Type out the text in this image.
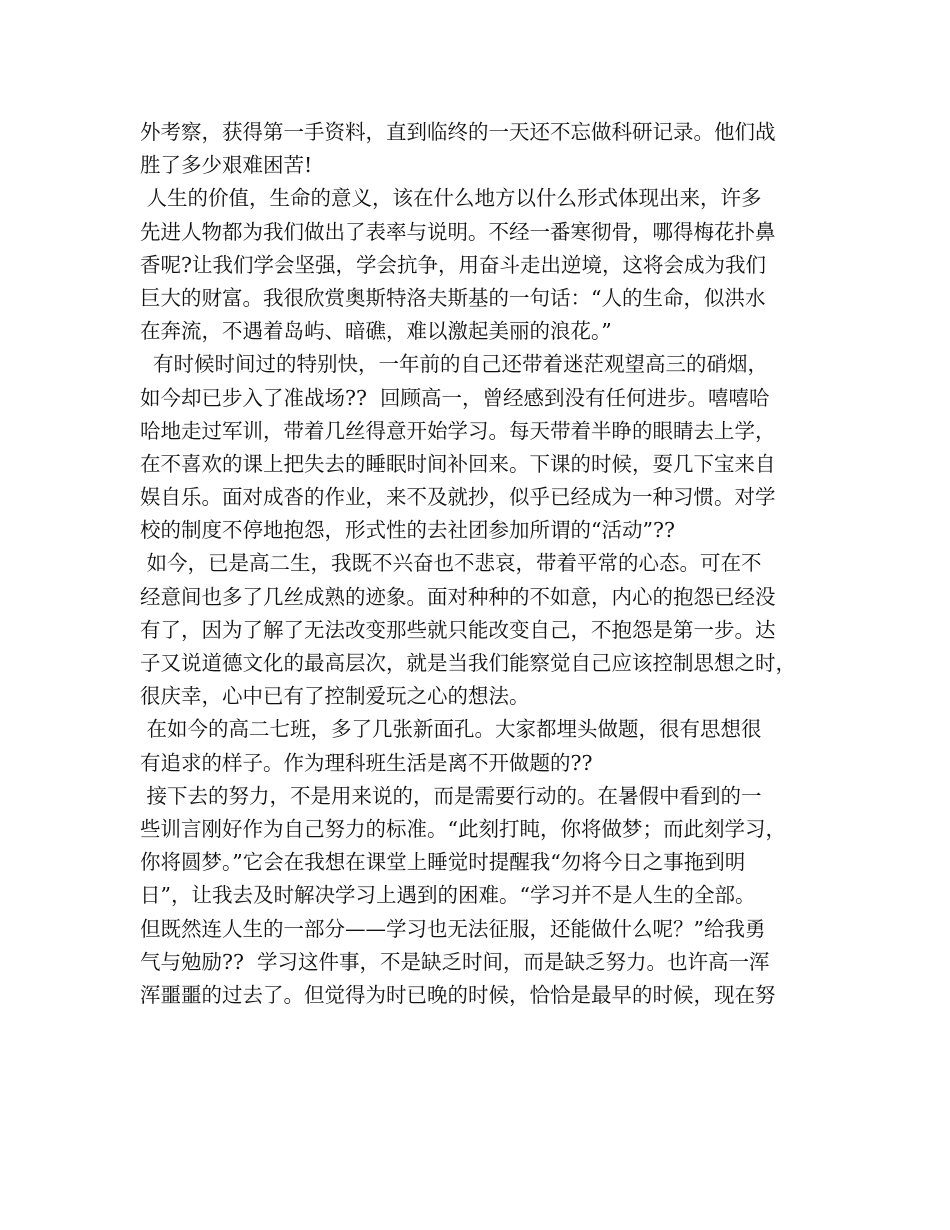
外考察，获得第一手资料，直到临终的一天还不忘做科研记录。他们战
胜了多少艰难困苦!
人生的价值，生命的意义，该在什么地方以什么形式体现出来，许多
先进人物都为我们做出了表率与说明。不经一番寒彻骨，哪得梅花扑鼻
香呢?让我们学会坚强，学会抗争，用奋斗走出逆境，这将会成为我们
巨大的财富。我很欣赏奥斯特洛夫斯基的一句话：“人的生命，似洪水
在奔流，不遇着岛屿、暗礁，难以激起美丽的浪花。”
有时候时间过的特别快，一年前的自己还带着迷茫观望高三的硝烟，
如今却已步入了准战场??  回顾高一，曾经感到没有任何进步。嘻嘻哈
哈地走过军训，带着几丝得意开始学习。每天带着半睁的眼睛去上学，
在不喜欢的课上把失去的睡眠时间补回来。下课的时候，耍几下宝来自
娱自乐。面对成沓的作业，来不及就抄，似乎已经成为一种习惯。对学
校的制度不停地抱怨，形式性的去社团参加所谓的“活动”??
如今，已是高二生，我既不兴奋也不悲哀，带着平常的心态。可在不
经意间也多了几丝成熟的迹象。面对种种的不如意，内心的抱怨已经没
有了，因为了解了无法改变那些就只能改变自己，不抱怨是第一步。达
子又说道德文化的最高层次，就是当我们能察觉自己应该控制思想之时，
很庆幸，心中已有了控制爱玩之心的想法。
在如今的高二七班，多了几张新面孔。大家都埋头做题，很有思想很
有追求的样子。作为理科班生活是离不开做题的??
接下去的努力，不是用来说的，而是需要行动的。在暑假中看到的一
些训言刚好作为自己努力的标准。“此刻打盹，你将做梦；而此刻学习，
你将圆梦。”它会在我想在课堂上睡觉时提醒我“勿将今日之事拖到明
日”，让我去及时解决学习上遇到的困难。“学习并不是人生的全部。
但既然连人生的一部分——学习也无法征服，还能做什么呢？”给我勇
气与勉励??  学习这件事，不是缺乏时间，而是缺乏努力。也许高一浑
浑噩噩的过去了。但觉得为时已晚的时候，恰恰是最早的时候，现在努
